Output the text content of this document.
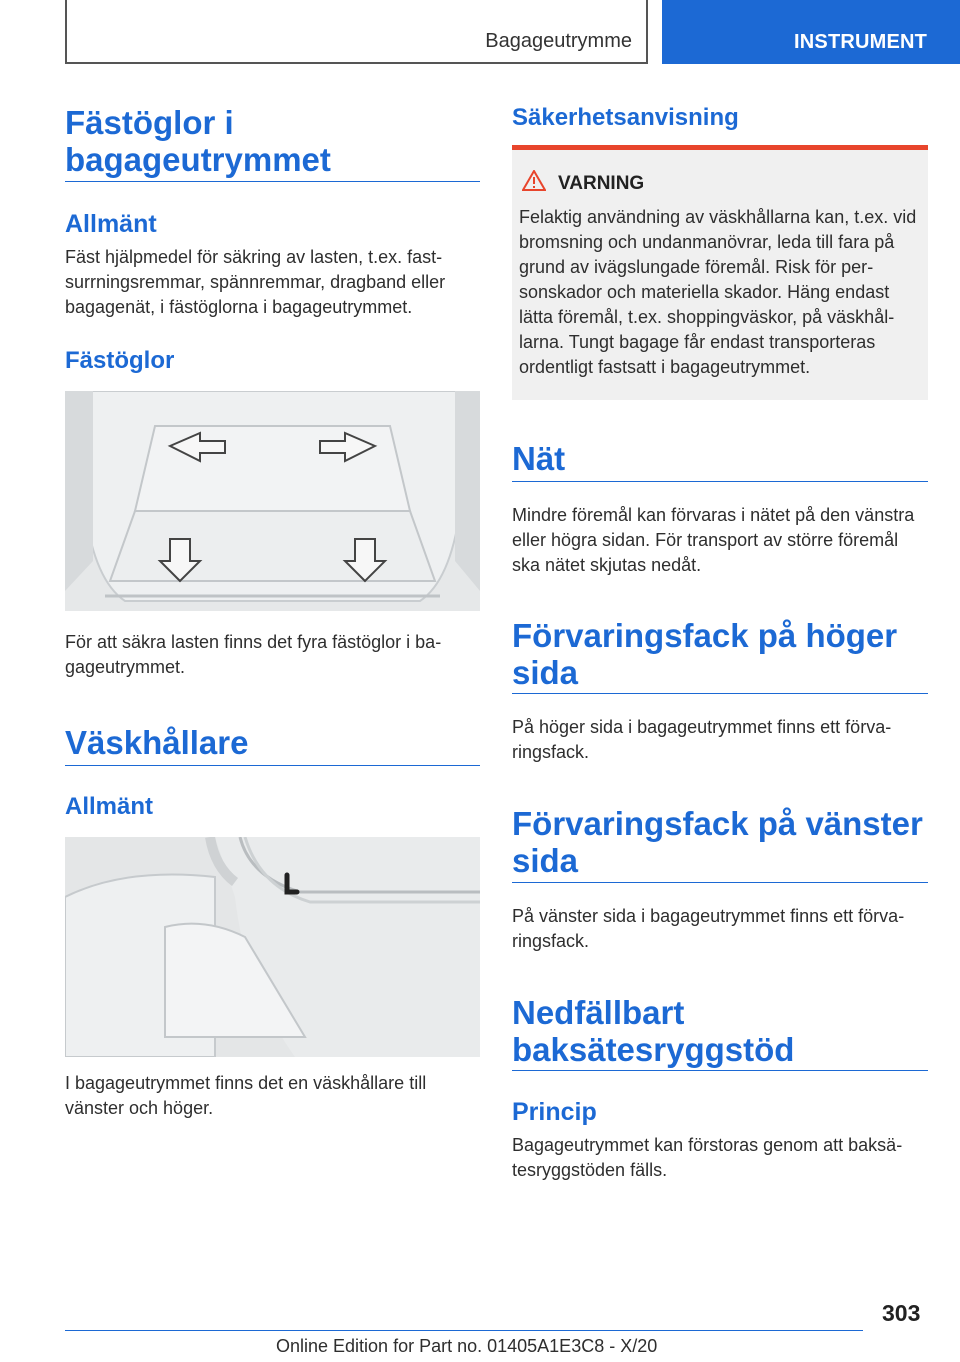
Bagageutrymme	INSTRUMENT
Fästöglor i bagageutrymmet
Allmänt

Fäst hjälpmedel för säkring av lasten, t.ex. fastsurrningsremmar, spännremmar, dragband eller bagagenät, i fästöglorna i bagageutrymmet.

Fästöglor

För att säkra lasten finns det fyra fästöglor i bagageutrymmet.

Väskhållare
Allmänt

I bagageutrymmet finns det en väskhållare till vänster och höger.

Säkerhetsanvisning
VARNING

Felaktig användning av väskhållarna kan, t.ex. vid bromsning och undanmanövrar, leda till fara på grund av ivägslungade föremål. Risk för personskador och materiella skador. Häng endast lätta föremål, t.ex. shoppingväskor, på väskhållarna. Tungt bagage får endast transporteras ordentligt fastsatt i bagageutrymmet.

Nät

Mindre föremål kan förvaras i nätet på den vänstra eller högra sidan. För transport av större föremål ska nätet skjutas nedåt.

Förvaringsfack på höger sida

På höger sida i bagageutrymmet finns ett förvaringsfack.

Förvaringsfack på vänster sida

På vänster sida i bagageutrymmet finns ett förvaringsfack.

Nedfällbart baksätesryggstöd
Princip

Bagageutrymmet kan förstoras genom att baksätesryggstöden fälls.

303
Online Edition for Part no. 01405A1E3C8 - X/20
